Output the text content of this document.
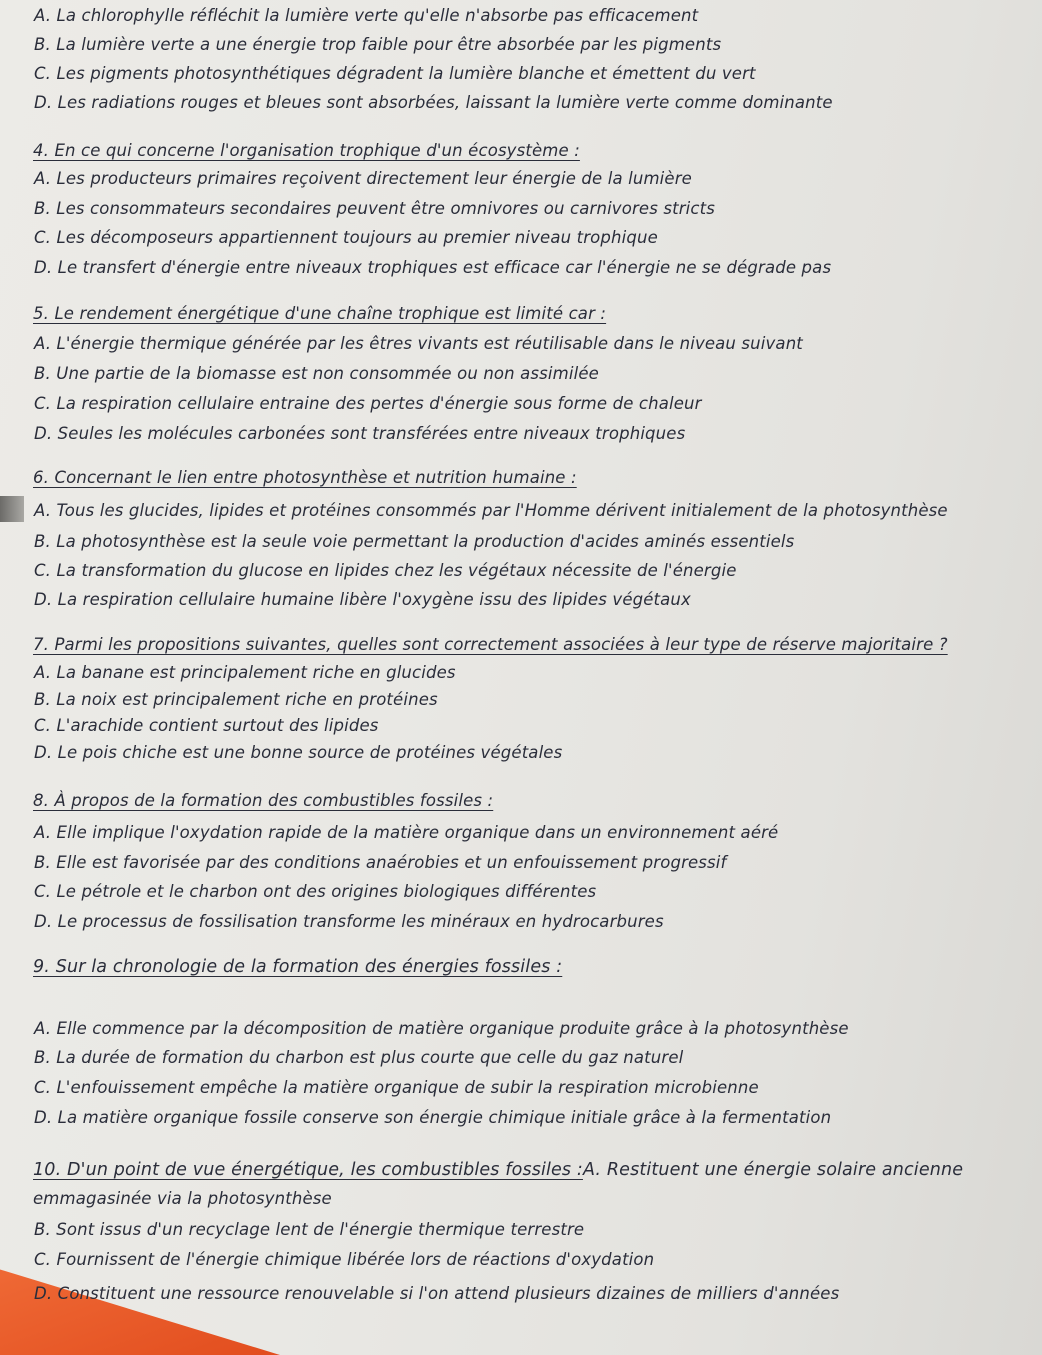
A. La chlorophylle réfléchit la lumière verte qu'elle n'absorbe pas efficacement
B. La lumière verte a une énergie trop faible pour être absorbée par les pigments
C. Les pigments photosynthétiques dégradent la lumière blanche et émettent du vert
D. Les radiations rouges et bleues sont absorbées, laissant la lumière verte comme dominante
4. En ce qui concerne l'organisation trophique d'un écosystème :
A. Les producteurs primaires reçoivent directement leur énergie de la lumière
B. Les consommateurs secondaires peuvent être omnivores ou carnivores stricts
C. Les décomposeurs appartiennent toujours au premier niveau trophique
D. Le transfert d'énergie entre niveaux trophiques est efficace car l'énergie ne se dégrade pas
5. Le rendement énergétique d'une chaîne trophique est limité car :
A. L'énergie thermique générée par les êtres vivants est réutilisable dans le niveau suivant
B. Une partie de la biomasse est non consommée ou non assimilée
C. La respiration cellulaire entraine des pertes d'énergie sous forme de chaleur
D. Seules les molécules carbonées sont transférées entre niveaux trophiques
6. Concernant le lien entre photosynthèse et nutrition humaine :
A. Tous les glucides, lipides et protéines consommés par l'Homme dérivent initialement de la photosynthèse
B. La photosynthèse est la seule voie permettant la production d'acides aminés essentiels
C. La transformation du glucose en lipides chez les végétaux nécessite de l'énergie
D. La respiration cellulaire humaine libère l'oxygène issu des lipides végétaux
7. Parmi les propositions suivantes, quelles sont correctement associées à leur type de réserve majoritaire ?
A. La banane est principalement riche en glucides
B. La noix est principalement riche en protéines
C. L'arachide contient surtout des lipides
D. Le pois chiche est une bonne source de protéines végétales
8. À propos de la formation des combustibles fossiles :
A. Elle implique l'oxydation rapide de la matière organique dans un environnement aéré
B. Elle est favorisée par des conditions anaérobies et un enfouissement progressif
C. Le pétrole et le charbon ont des origines biologiques différentes
D. Le processus de fossilisation transforme les minéraux en hydrocarbures
9. Sur la chronologie de la formation des énergies fossiles :
A. Elle commence par la décomposition de matière organique produite grâce à la photosynthèse
B. La durée de formation du charbon est plus courte que celle du gaz naturel
C. L'enfouissement empêche la matière organique de subir la respiration microbienne
D. La matière organique fossile conserve son énergie chimique initiale grâce à la fermentation
10. D'un point de vue énergétique, les combustibles fossiles :A. Restituent une énergie solaire ancienne
emmagasinée via la photosynthèse
B. Sont issus d'un recyclage lent de l'énergie thermique terrestre
C. Fournissent de l'énergie chimique libérée lors de réactions d'oxydation
D. Constituent une ressource renouvelable si l'on attend plusieurs dizaines de milliers d'années
